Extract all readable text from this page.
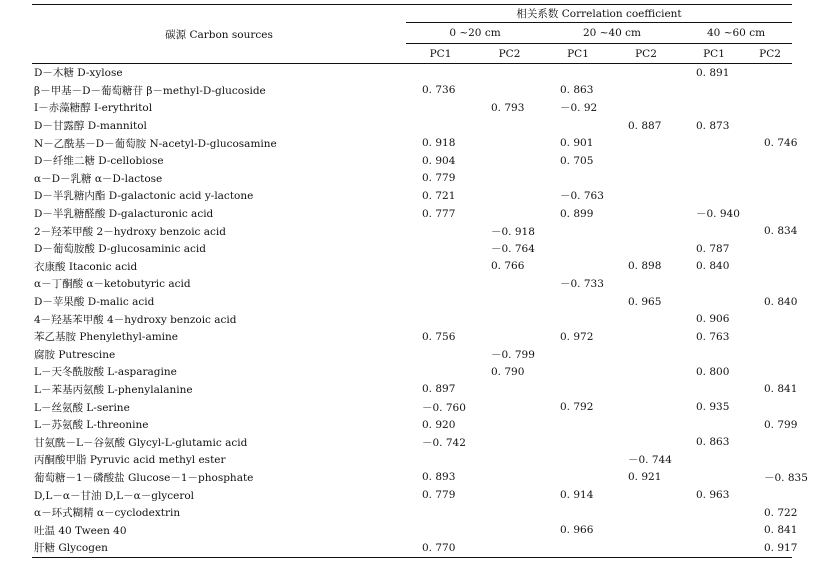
碳源 Carbon sources	相关系数 Correlation coefficient					
	0 ~20 cm		20 ~40 cm		40 ~60 cm	
	PC1	PC2	PC1	PC2	PC1	PC2
D－木糖 D-xylose					0. 891	
β－甲基－D－葡萄糖苷 β－methyl-D-glucoside	0. 736		0. 863			
I－赤藻糖醇 I-erythritol		0. 793	－0. 92			
D－甘露醇 D-mannitol				0. 887	0. 873	
N－乙酰基－D－葡萄胺 N-acetyl-D-glucosamine	0. 918		0. 901			0. 746
D－纤维二糖 D-cellobiose	0. 904		0. 705			
α－D－乳糖 α－D-lactose	0. 779					
D－半乳糖内酯 D-galactonic acid y-lactone	0. 721		－0. 763			
D－半乳糖醛酸 D-galacturonic acid	0. 777		0. 899		－0. 940	
2－羟苯甲酸 2－hydroxy benzoic acid		－0. 918				0. 834
D－葡萄胺酸 D-glucosaminic acid		－0. 764			0. 787	
衣康酸 Itaconic acid		0. 766		0. 898	0. 840	
α－丁酮酸 α－ketobutyric acid			－0. 733			
D－苹果酸 D-malic acid				0. 965		0. 840
4－羟基苯甲酸 4－hydroxy benzoic acid					0. 906	
苯乙基胺 Phenylethyl-amine	0. 756		0. 972		0. 763	
腐胺 Putrescine		－0. 799				
L－天冬酰胺酸 L-asparagine		0. 790			0. 800	
L－苯基丙氨酸 L-phenylalanine	0. 897					0. 841
L－丝氨酸 L-serine	－0. 760		0. 792		0. 935	
L－苏氨酸 L-threonine	0. 920					0. 799
甘氨酰－L－谷氨酸 Glycyl-L-glutamic acid	－0. 742				0. 863	
丙酮酸甲脂 Pyruvic acid methyl ester				－0. 744		
葡萄糖－1－磷酸盐 Glucose－1－phosphate	0. 893			0. 921		－0. 835
D,L－α－甘油 D,L－α－glycerol	0. 779		0. 914		0. 963	
α－环式糊精 α－cyclodextrin						0. 722
吐温 40 Tween 40			0. 966			0. 841
肝糖 Glycogen	0. 770					0. 917
